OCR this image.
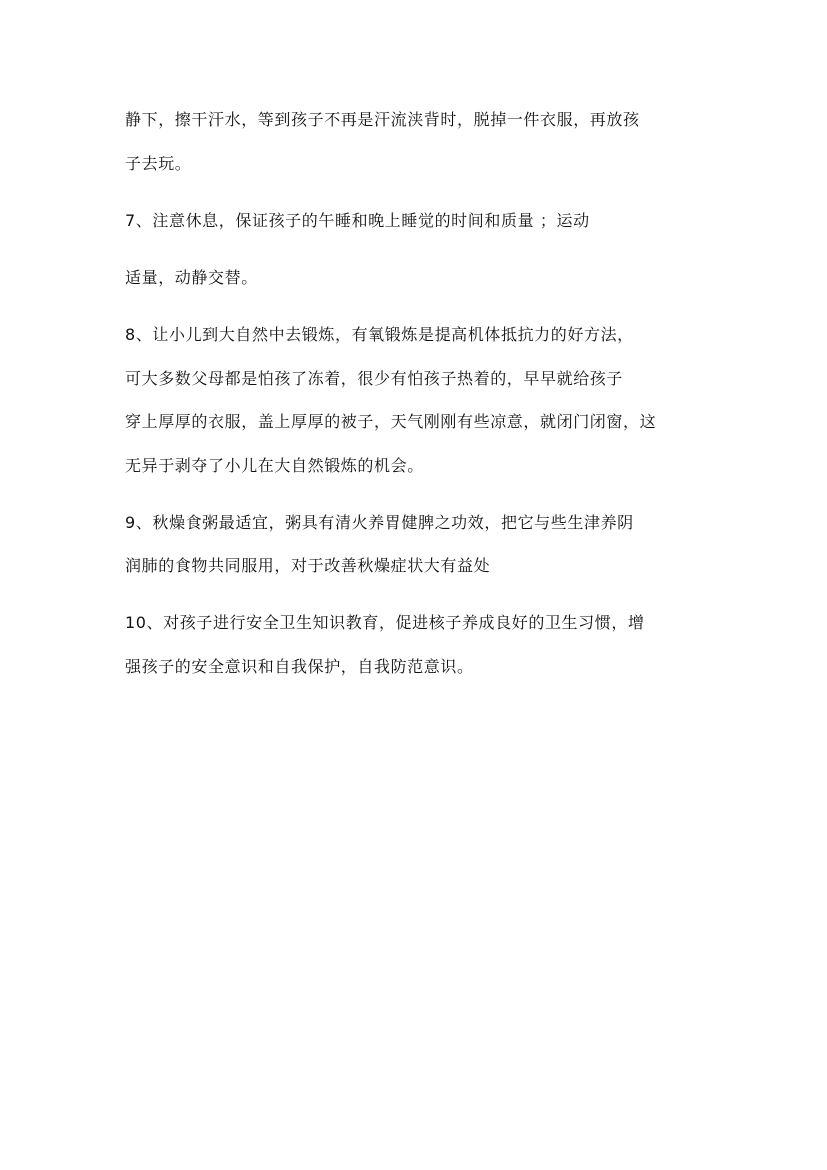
静下，擦干汗水，等到孩子不再是汗流浃背时，脱掉一件衣服，再放孩
子去玩。
7、注意休息，保证孩子的午睡和晚上睡觉的时间和质量 ；运动
适量，动静交替。
8、让小儿到大自然中去锻炼，有氧锻炼是提高机体抵抗力的好方法，
可大多数父母都是怕孩了冻着，很少有怕孩子热着的，早早就给孩子
穿上厚厚的衣服，盖上厚厚的被子，天气刚刚有些凉意，就闭门闭窗，这
无异于剥夺了小儿在大自然锻炼的机会。
9、秋燥食粥最适宜，粥具有清火养胃健脾之功效，把它与些生津养阴
润肺的食物共同服用，对于改善秋燥症状大有益处
10、对孩子进行安全卫生知识教育，促进核子养成良好的卫生习惯，增
强孩子的安全意识和自我保护，自我防范意识。
